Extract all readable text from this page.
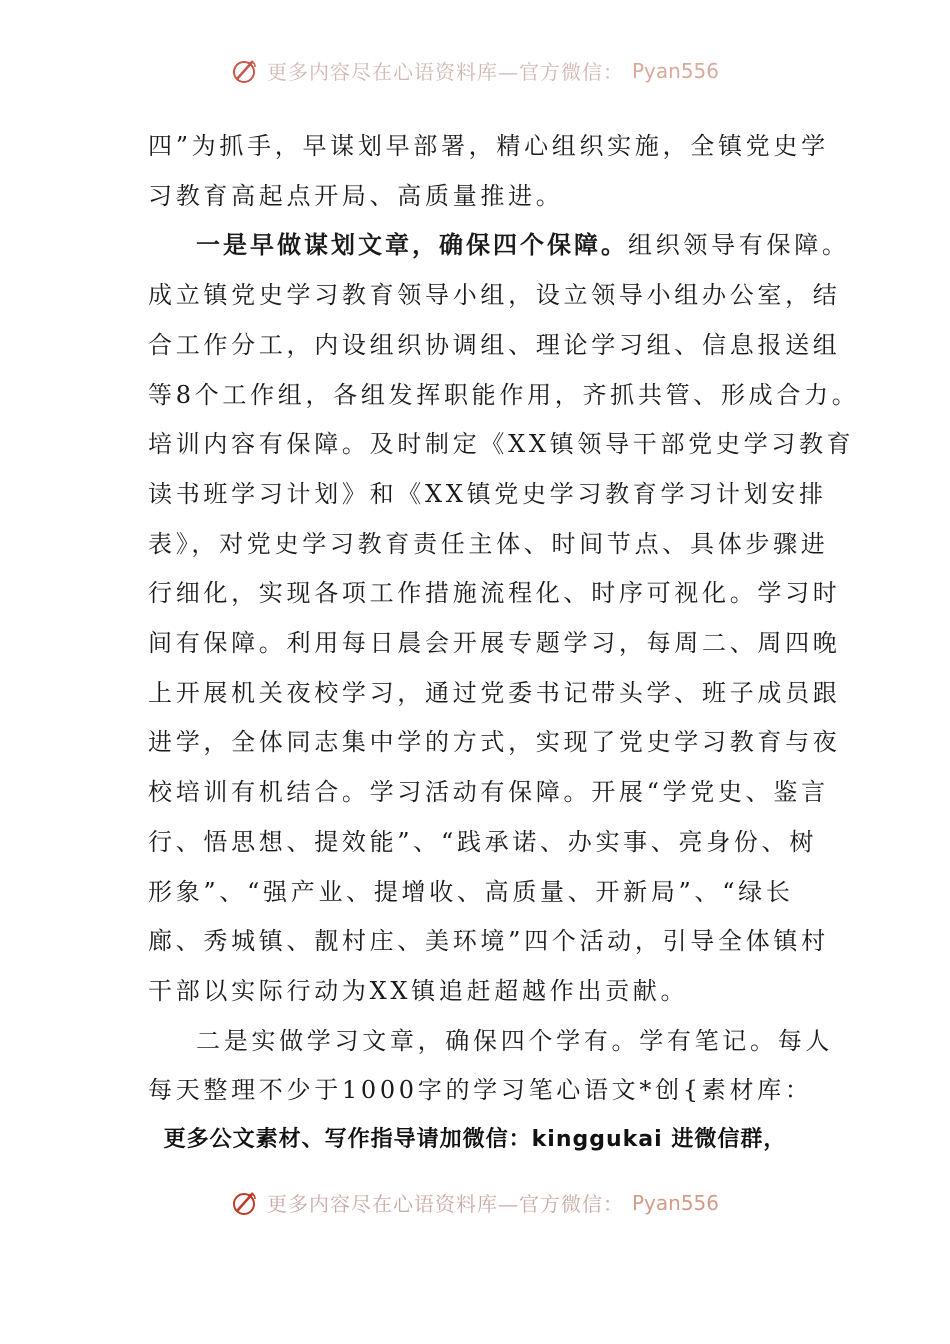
更多内容尽在心语资料库—官方微信： Pyan556
四”为抓手，早谋划早部署，精心组织实施，全镇党史学
习教育高起点开局、高质量推进。
一是早做谋划文章，确保四个保障。组织领导有保障。
成立镇党史学习教育领导小组，设立领导小组办公室，结
合工作分工，内设组织协调组、理论学习组、信息报送组
等8个工作组，各组发挥职能作用，齐抓共管、形成合力。
培训内容有保障。及时制定《XX镇领导干部党史学习教育
读书班学习计划》和《XX镇党史学习教育学习计划安排
表》，对党史学习教育责任主体、时间节点、具体步骤进
行细化，实现各项工作措施流程化、时序可视化。学习时
间有保障。利用每日晨会开展专题学习，每周二、周四晚
上开展机关夜校学习，通过党委书记带头学、班子成员跟
进学，全体同志集中学的方式，实现了党史学习教育与夜
校培训有机结合。学习活动有保障。开展“学党史、鉴言
行、悟思想、提效能”、“践承诺、办实事、亮身份、树
形象”、“强产业、提增收、高质量、开新局”、“绿长
廊、秀城镇、靓村庄、美环境”四个活动，引导全体镇村
干部以实际行动为XX镇追赶超越作出贡献。
二是实做学习文章，确保四个学有。学有笔记。每人
每天整理不少于1000字的学习笔心语文*创{素材库：
更多公文素材、写作指导请加微信：kinggukai 进微信群，
更多内容尽在心语资料库—官方微信： Pyan556
